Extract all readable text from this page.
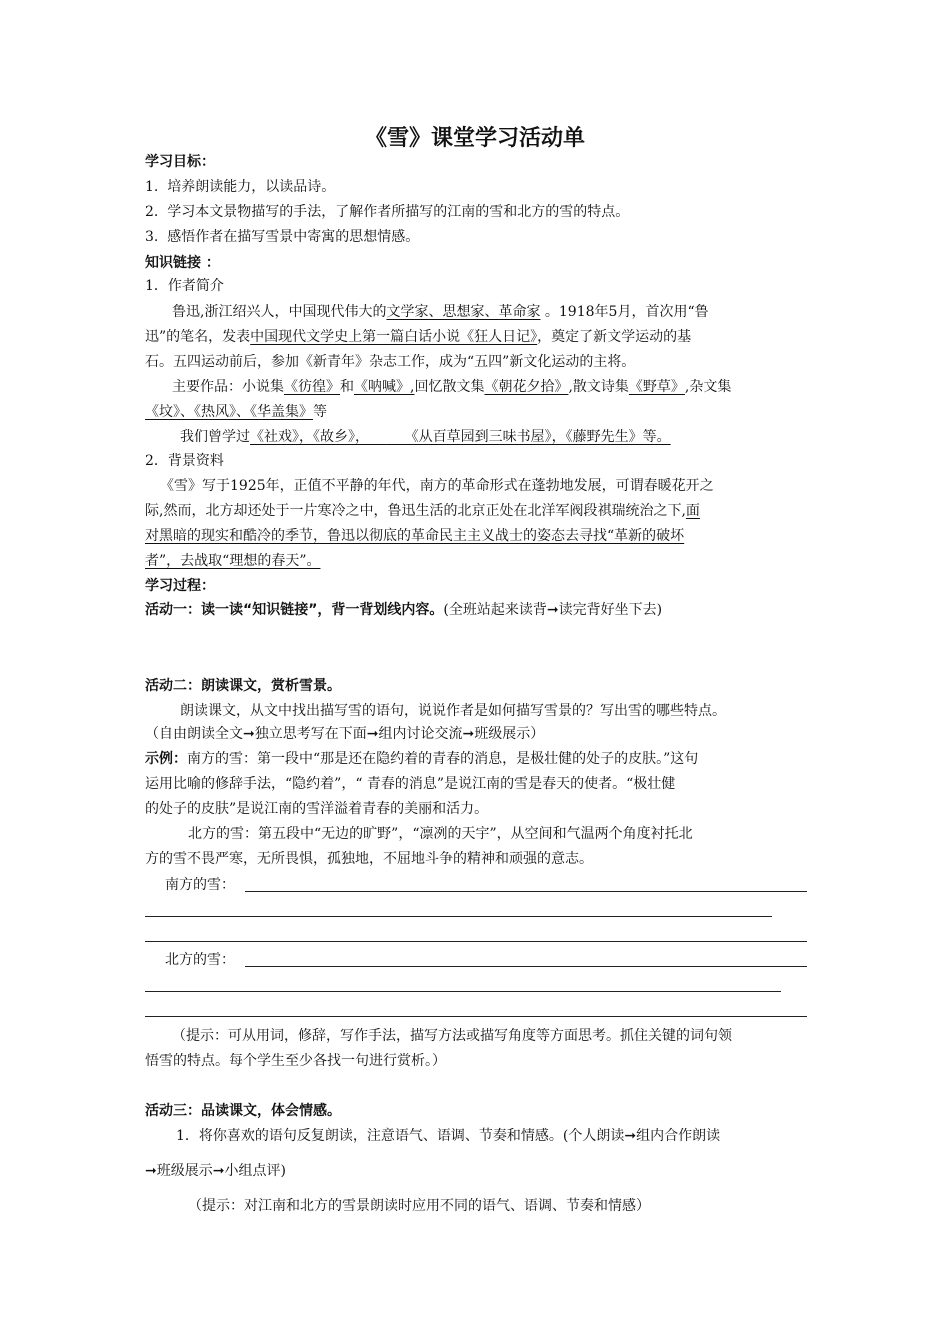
《雪》课堂学习活动单
学习目标：
1.  培养朗读能力，以读品诗。
2.  学习本文景物描写的手法，了解作者所描写的江南的雪和北方的雪的特点。
3.  感悟作者在描写雪景中寄寓的思想情感。
知识链接 ：
1．作者简介
鲁迅,浙江绍兴人，中国现代伟大的文学家、思想家、革命家 。1918年5月，首次用“鲁
迅”的笔名，发表中国现代文学史上第一篇白话小说《狂人日记》，奠定了新文学运动的基
石。五四运动前后，参加《新青年》杂志工作，成为“五四”新文化运动的主将。
主要作品：小说集《彷徨》和《呐喊》,回忆散文集《朝花夕拾》,散文诗集《野草》,杂文集
《坟》、《热风》、《华盖集》等
我们曾学过《社戏》，《故乡》，        《从百草园到三味书屋》，《藤野先生》等。
2．背景资料
《雪》写于1925年，正值不平静的年代，南方的革命形式在蓬勃地发展，可谓春暖花开之
际,然而，北方却还处于一片寒冷之中，鲁迅生活的北京正处在北洋军阀段祺瑞统治之下,面
对黑暗的现实和酷冷的季节，鲁迅以彻底的革命民主主义战士的姿态去寻找“革新的破坏
者”，去战取“理想的春天”。
学习过程：
活动一：读一读“知识链接”，背一背划线内容。(全班站起来读背➞读完背好坐下去)
活动二：朗读课文，赏析雪景。
朗读课文，从文中找出描写雪的语句，说说作者是如何描写雪景的？写出雪的哪些特点。
（自由朗读全文➞独立思考写在下面➞组内讨论交流➞班级展示）
示例：南方的雪：第一段中“那是还在隐约着的青春的消息，是极壮健的处子的皮肤。”这句
运用比喻的修辞手法，“隐约着”，“ 青春的消息”是说江南的雪是春天的使者。“极壮健
的处子的皮肤”是说江南的雪洋溢着青春的美丽和活力。
北方的雪：第五段中“无边的旷野”，“凛冽的天宇”，从空间和气温两个角度衬托北
方的雪不畏严寒，无所畏惧，孤独地，不屈地斗争的精神和顽强的意志。
南方的雪：
北方的雪：
（提示：可从用词，修辞，写作手法，描写方法或描写角度等方面思考。抓住关键的词句领
悟雪的特点。每个学生至少各找一句进行赏析。）
活动三：品读课文，体会情感。
1．将你喜欢的语句反复朗读，注意语气、语调、节奏和情感。(个人朗读➞组内合作朗读
➞班级展示➞小组点评)
（提示：对江南和北方的雪景朗读时应用不同的语气、语调、节奏和情感）
